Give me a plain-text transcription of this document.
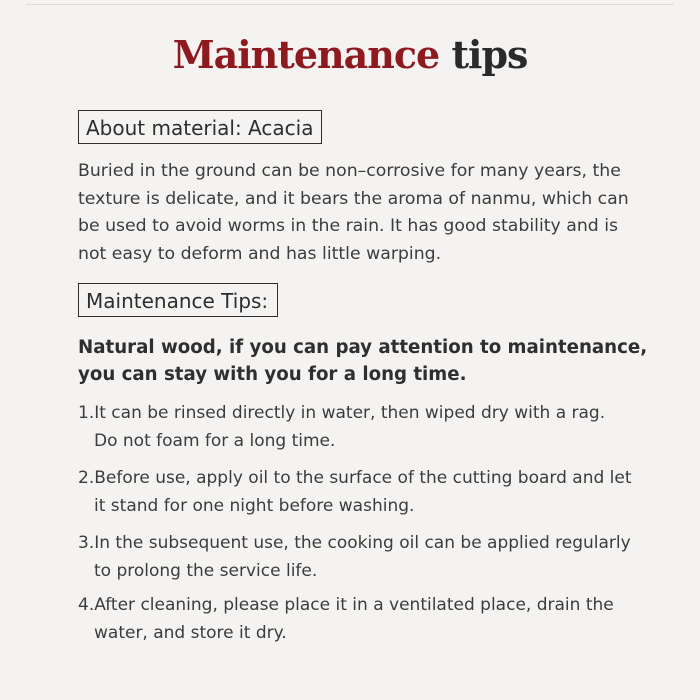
Maintenance tips
About material: Acacia

Buried in the ground can be non–corrosive for many years, the texture is delicate, and it bears the aroma of nanmu, which can be used to avoid worms in the rain. It has good stability and is not easy to deform and has little warping.

Maintenance Tips:

Natural wood, if you can pay attention to maintenance, you can stay with you for a long time.

1.It can be rinsed directly in water, then wiped dry with a rag.
Do not foam for a long time.
2.Before use, apply oil to the surface of the cutting board and let
it stand for one night before washing.
3.In the subsequent use, the cooking oil can be applied regularly
to prolong the service life.
4.After cleaning, please place it in a ventilated place, drain the
water, and store it dry.
